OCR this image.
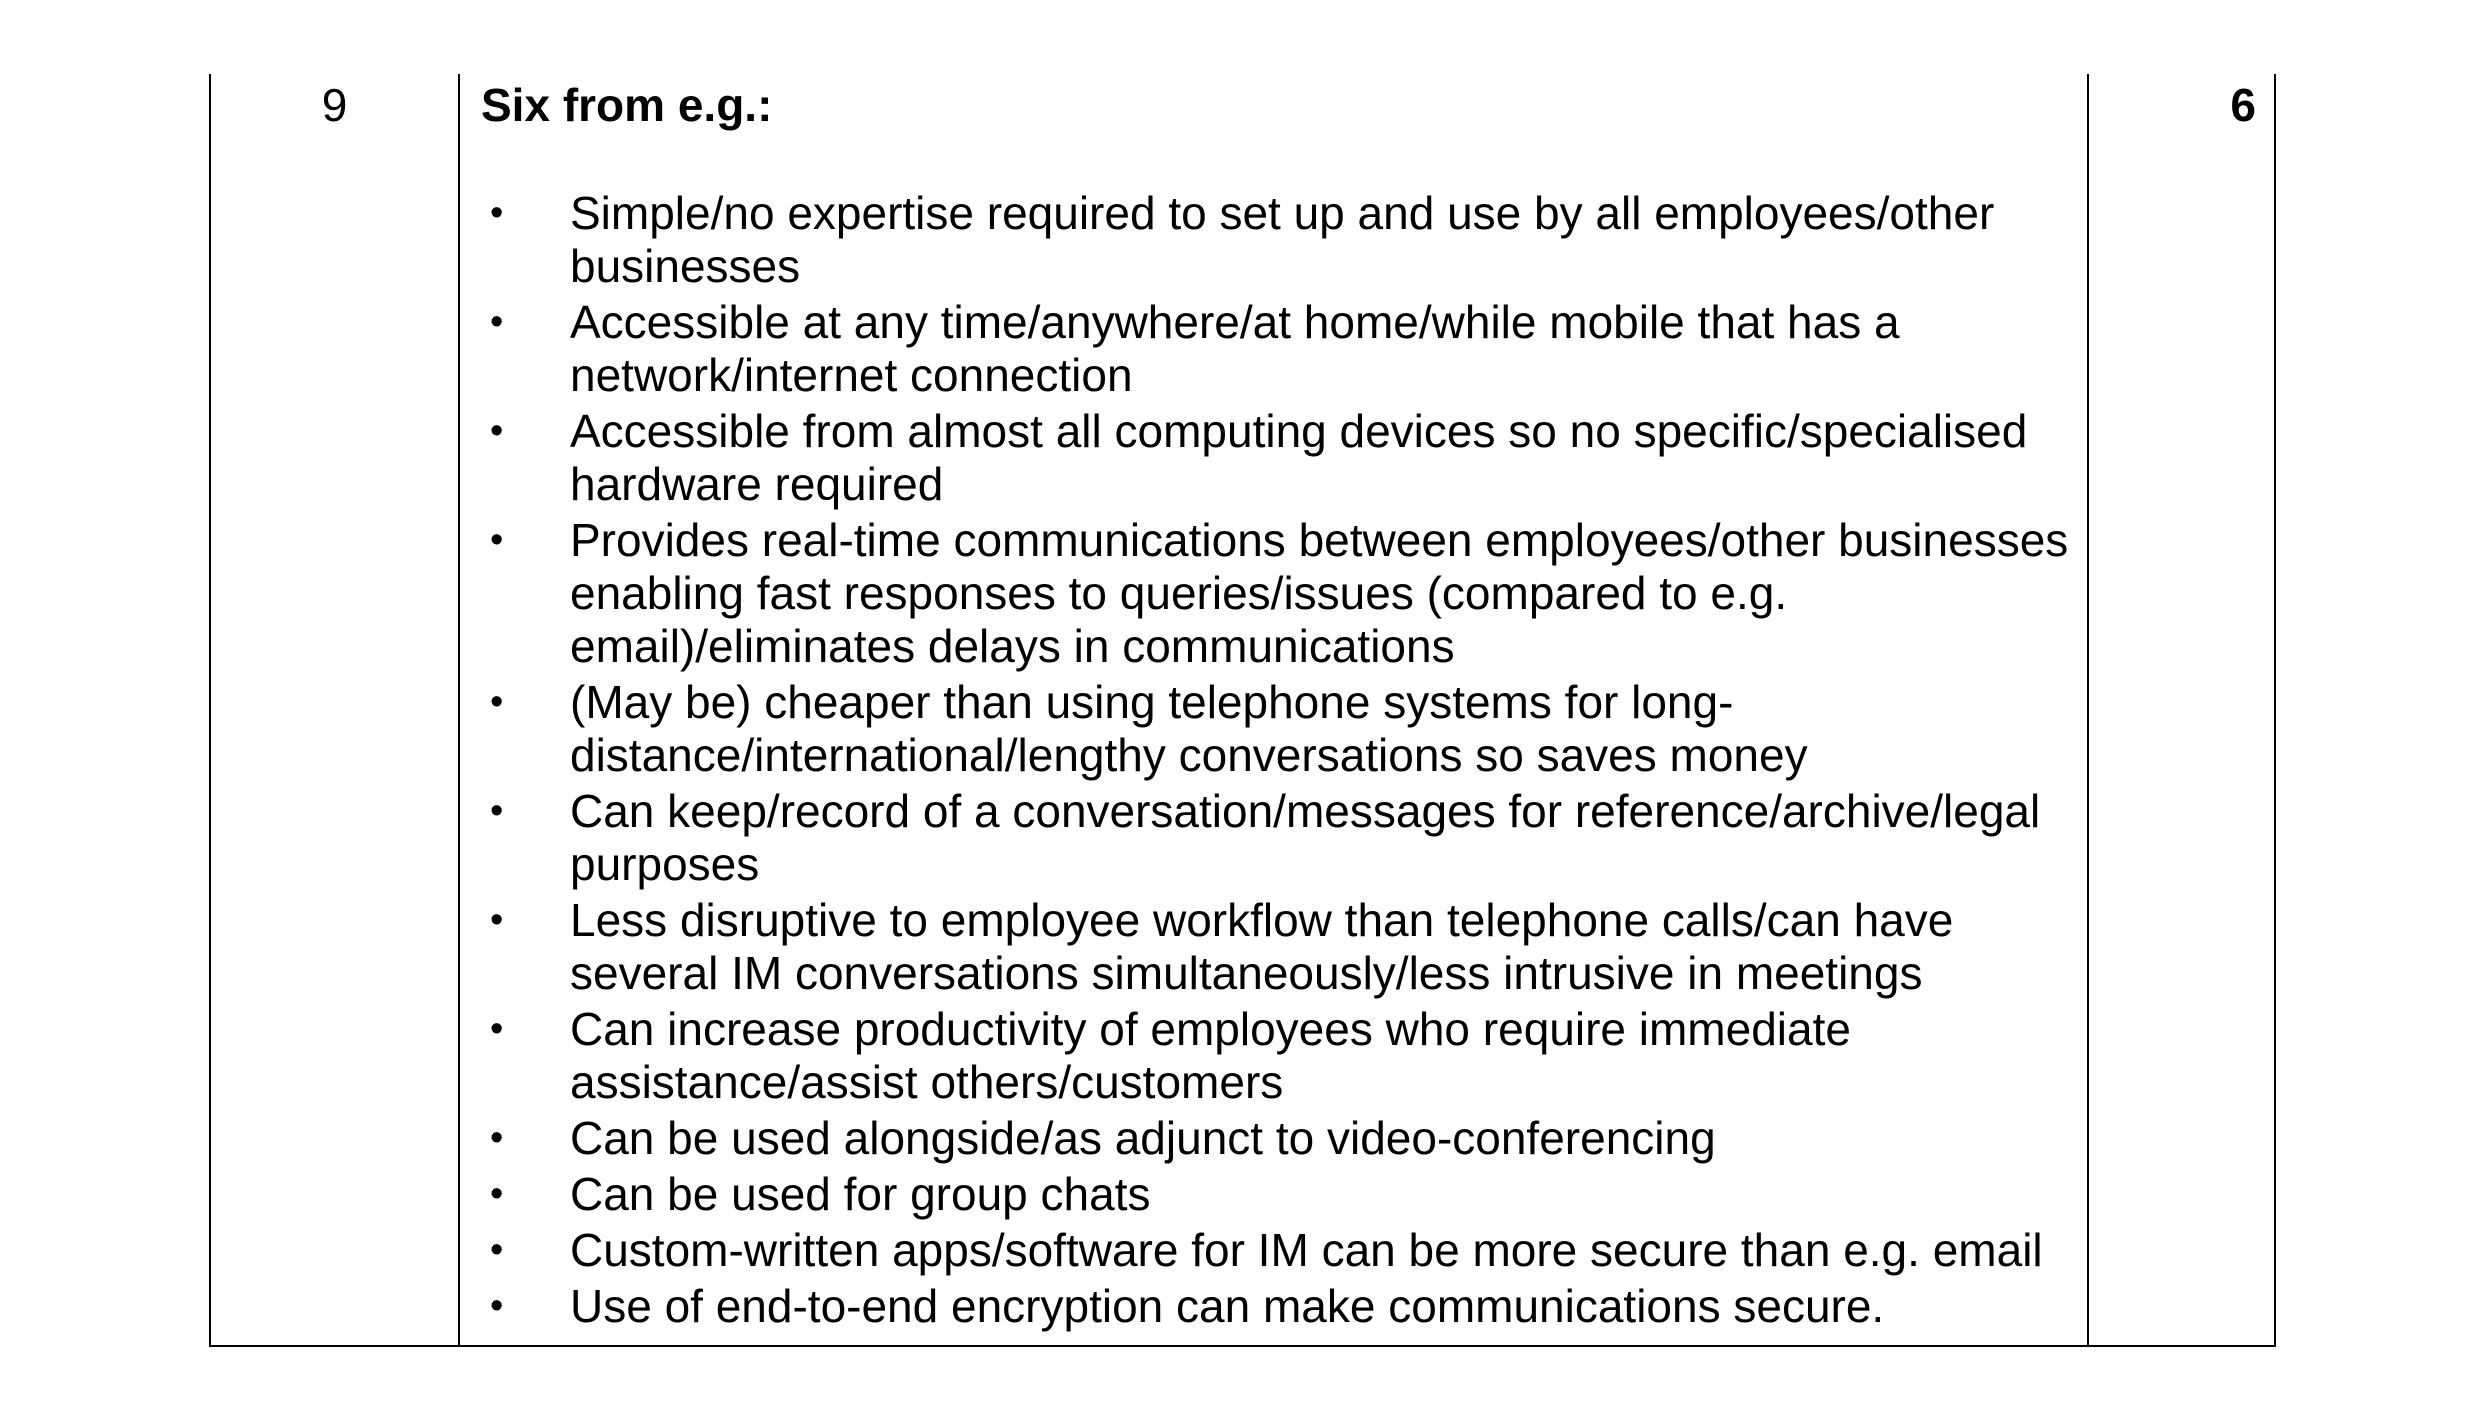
9	Six from e.g.:

• Simple/no expertise required to set up and use by all employees/other businesses
• Accessible at any time/anywhere/at home/while mobile that has a network/internet connection
• Accessible from almost all computing devices so no specific/specialised hardware required
• Provides real-time communications between employees/other businesses enabling fast responses to queries/issues (compared to e.g. email)/eliminates delays in communications
• (May be) cheaper than using telephone systems for long-distance/international/lengthy conversations so saves money
• Can keep/record of a conversation/messages for reference/archive/legal purposes
• Less disruptive to employee workflow than telephone calls/can have several IM conversations simultaneously/less intrusive in meetings
• Can increase productivity of employees who require immediate assistance/assist others/customers
• Can be used alongside/as adjunct to video-conferencing
• Can be used for group chats
• Custom-written apps/software for IM can be more secure than e.g. email
• Use of end-to-end encryption can make communications secure.
6
